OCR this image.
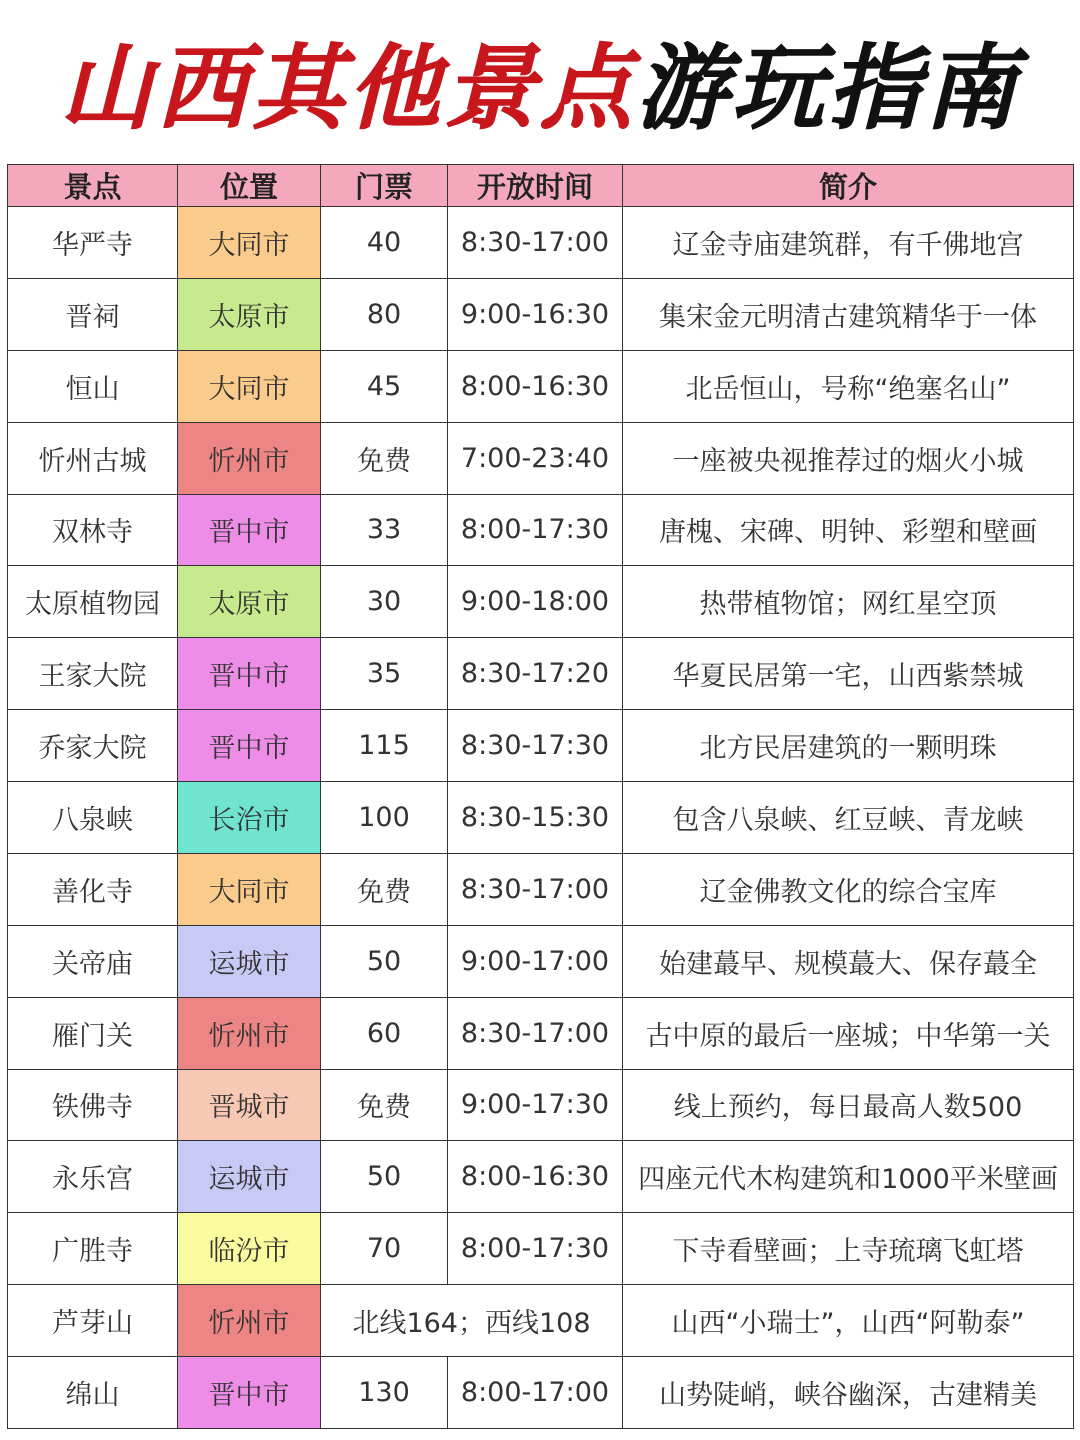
山西其他景点 游玩指南
景点	位置	门票	开放时间	简介
华严寺	大同市	40	8:30-17:00	辽金寺庙建筑群，有千佛地宫
晋祠	太原市	80	9:00-16:30	集宋金元明清古建筑精华于一体
恒山	大同市	45	8:00-16:30	北岳恒山，号称“绝塞名山”
忻州古城	忻州市	免费	7:00-23:40	一座被央视推荐过的烟火小城
双林寺	晋中市	33	8:00-17:30	唐槐、宋碑、明钟、彩塑和壁画
太原植物园	太原市	30	9:00-18:00	热带植物馆；网红星空顶
王家大院	晋中市	35	8:30-17:20	华夏民居第一宅，山西紫禁城
乔家大院	晋中市	115	8:30-17:30	北方民居建筑的一颗明珠
八泉峡	长治市	100	8:30-15:30	包含八泉峡、红豆峡、青龙峡
善化寺	大同市	免费	8:30-17:00	辽金佛教文化的综合宝库
关帝庙	运城市	50	9:00-17:00	始建蕞早、规模蕞大、保存蕞全
雁门关	忻州市	60	8:30-17:00	古中原的最后一座城；中华第一关
铁佛寺	晋城市	免费	9:00-17:30	线上预约，每日最高人数500
永乐宫	运城市	50	8:00-16:30	四座元代木构建筑和1000平米壁画
广胜寺	临汾市	70	8:00-17:30	下寺看壁画；上寺琉璃飞虹塔
芦芽山	忻州市	北线164；西线108		山西“小瑞士”，山西“阿勒泰”
绵山	晋中市	130	8:00-17:00	山势陡峭，峡谷幽深，古建精美
